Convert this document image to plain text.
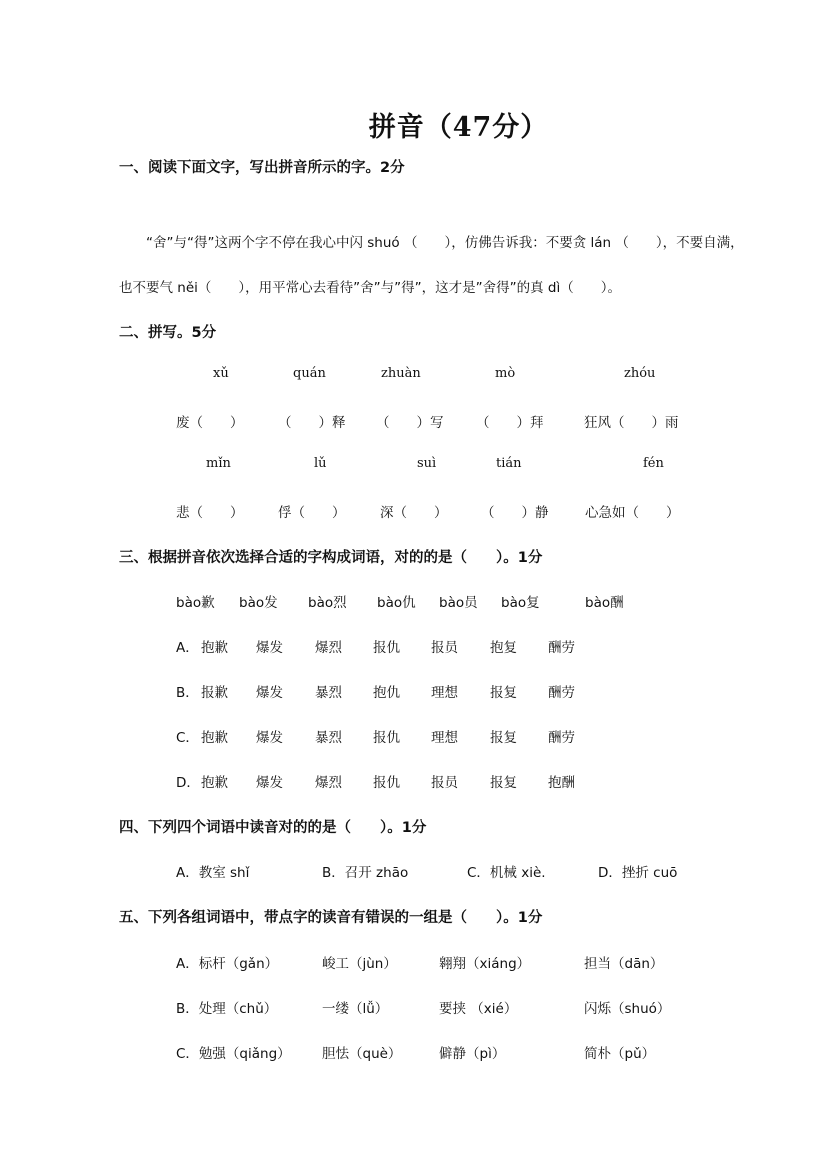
拼音（47分）
一、阅读下面文字，写出拼音所示的字。2分
“舍”与“得”这两个字不停在我心中闪 shuó （　　），仿佛告诉我：不要贪 lán （　　），不要自满，
也不要气 něi（　　），用平常心去看待”舍”与”得”，这才是”舍得”的真 dì（　　）。
二、拼写。5分
xǔ	quán	zhuàn	mò	zhóu
废（　　）	（　　）释 （　　）写 （　　）拜	狂风（　　）雨
mǐn	lǔ	suì	tián	fén
悲（　　）	俘（　　）	深（　　） （　　）静	心急如（　　）
三、根据拼音依次选择合适的字构成词语，对的的是（　　）。1分
bào歉 bào发 bào烈 bào仇 bào员 bào复	bào酬
A． 抱歉 爆发 爆烈 报仇 报员 抱复 酬劳
B． 报歉 爆发 暴烈 抱仇 理想 报复 酬劳
C． 抱歉 爆发 暴烈 报仇 理想 报复 酬劳
D． 抱歉 爆发 爆烈 报仇 报员 报复 抱酬
四、下列四个词语中读音对的的是（　　）。1分
A．教室 shǐ	B．召开 zhāo	C．机械 xiè.	D．挫折 cuō
五、下列各组词语中，带点字的读音有错误的一组是（　　）。1分
A．标杆（gǎn）	峻工（jùn）	翱翔（xiáng）	担当（dān）
B．处理（chǔ）	一缕（lǚ）	要挟 （xié）	闪烁（shuó）
C．勉强（qiǎng） 胆怯（què）	僻静（pì）	简朴（pǔ）
